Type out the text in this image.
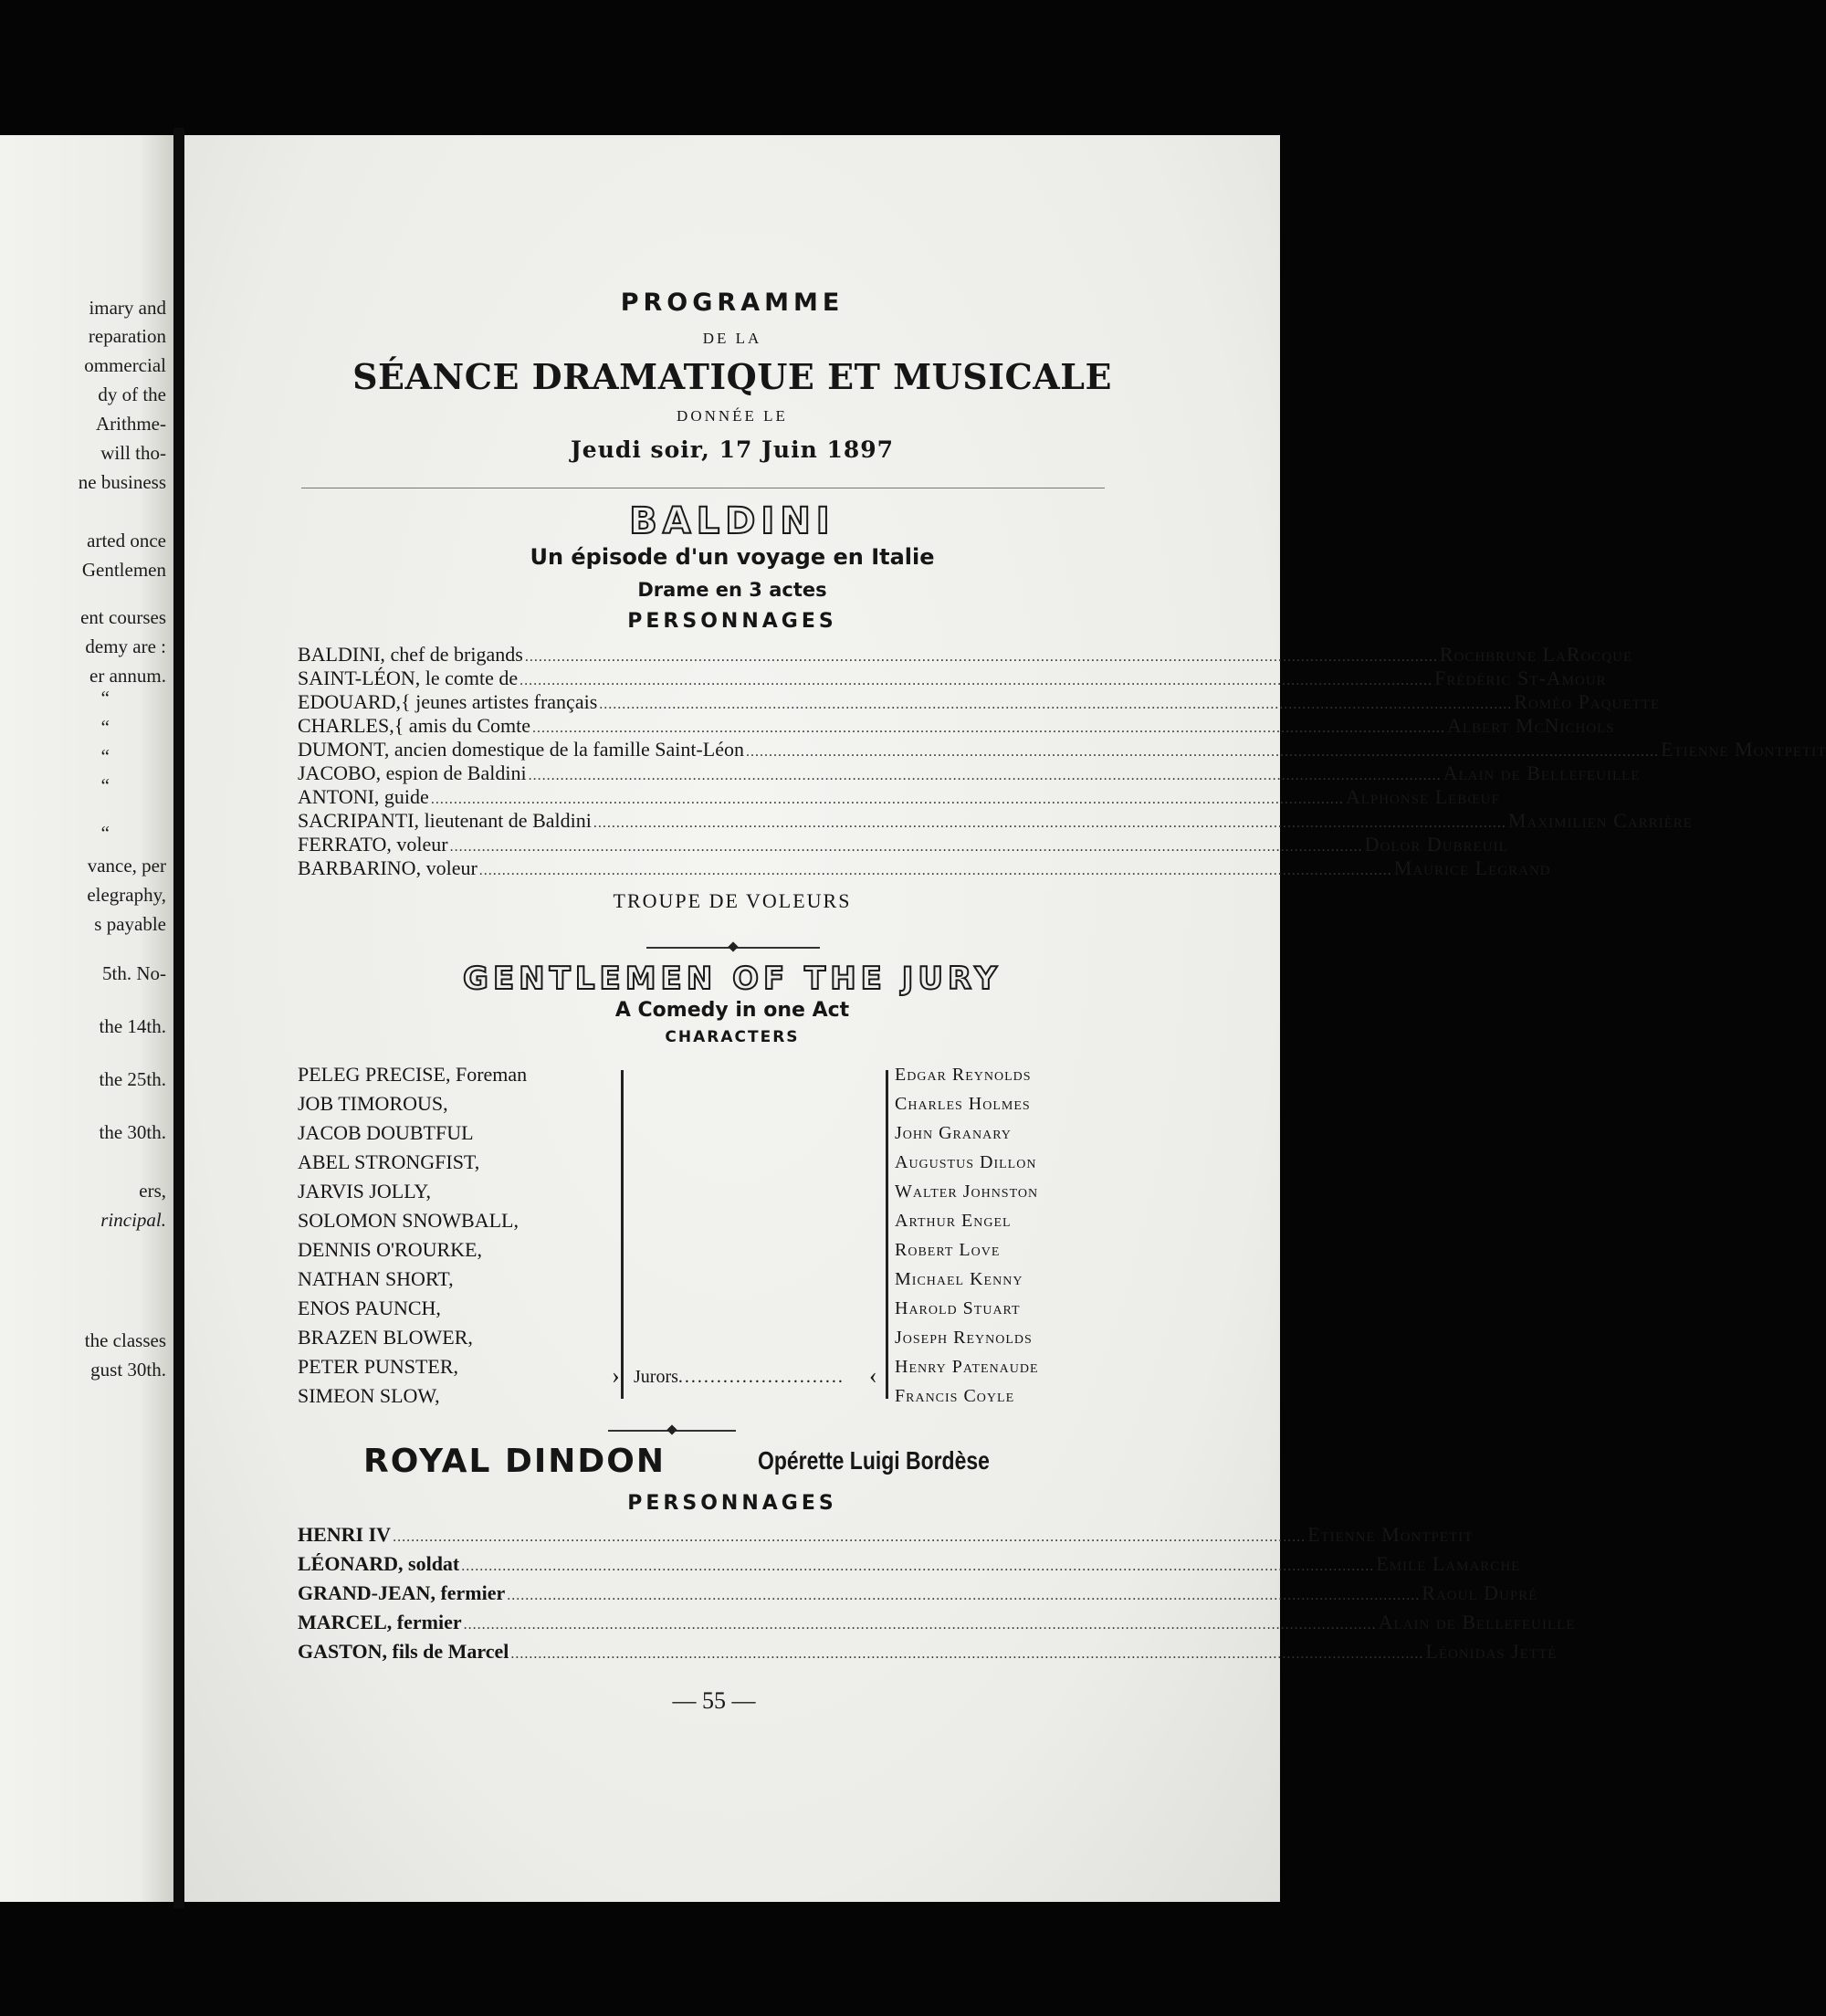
imary and
reparation
ommercial
dy of the
Arithme-
will tho-
ne business
arted once
Gentlemen
ent courses
demy are :
er annum.
“
“
“
“
“
vance, per
elegraphy,
s payable
5th. No-
the 14th.
the 25th.
the 30th.
ers,
rincipal.
the classes
gust 30th.
PROGRAMME
DE LA
SÉANCE DRAMATIQUE ET MUSICALE
DONNÉE LE
Jeudi soir, 17 Juin 1897
BALDINI
Un épisode d'un voyage en Italie
Drame en 3 actes
PERSONNAGES
BALDINI, chef de brigands ........................................................................................................................................................................................................ Rochbrune LaRocque
SAINT-LÉON, le comte de ........................................................................................................................................................................................................ Frédéric St-Amour
EDOUARD,{ jeunes artistes français ........................................................................................................................................................................................................ Roméo Paquette
CHARLES,{ amis du Comte ........................................................................................................................................................................................................ Albert McNichols
DUMONT, ancien domestique de la famille Saint-Léon ........................................................................................................................................................................................................ Etienne Montpetit
JACOBO, espion de Baldini ........................................................................................................................................................................................................ Alain de Bellefeuille
ANTONI, guide ........................................................................................................................................................................................................ Alphonse Lebœuf
SACRIPANTI, lieutenant de Baldini ........................................................................................................................................................................................................ Maximilien Carrière
FERRATO, voleur ........................................................................................................................................................................................................ Dolor Dubreuil
BARBARINO, voleur ........................................................................................................................................................................................................ Maurice Legrand
TROUPE DE VOLEURS
GENTLEMEN OF THE JURY
A Comedy in one Act
CHARACTERS
PELEG PRECISE, Foreman
JOB TIMOROUS,
JACOB DOUBTFUL
ABEL STRONGFIST,
JARVIS JOLLY,
SOLOMON SNOWBALL,
DENNIS O'ROURKE,
NATHAN SHORT,
ENOS PAUNCH,
BRAZEN BLOWER,
PETER PUNSTER,
SIMEON SLOW,
Edgar Reynolds
Charles Holmes
John Granary
Augustus Dillon
Walter Johnston
Arthur Engel
Robert Love
Michael Kenny
Harold Stuart
Joseph Reynolds
Henry Patenaude
Francis Coyle
› Jurors.......................... ‹
ROYAL DINDON	Opérette Luigi Bordèse
PERSONNAGES
HENRI IV ........................................................................................................................................................................................................ Etienne Montpetit
LÉONARD, soldat ........................................................................................................................................................................................................ Emile Lamarche
GRAND-JEAN, fermier ........................................................................................................................................................................................................ Raoul Dupré
MARCEL, fermier ........................................................................................................................................................................................................ Alain de Bellefeuille
GASTON, fils de Marcel ........................................................................................................................................................................................................ Léonidas Jetté
— 55 —
